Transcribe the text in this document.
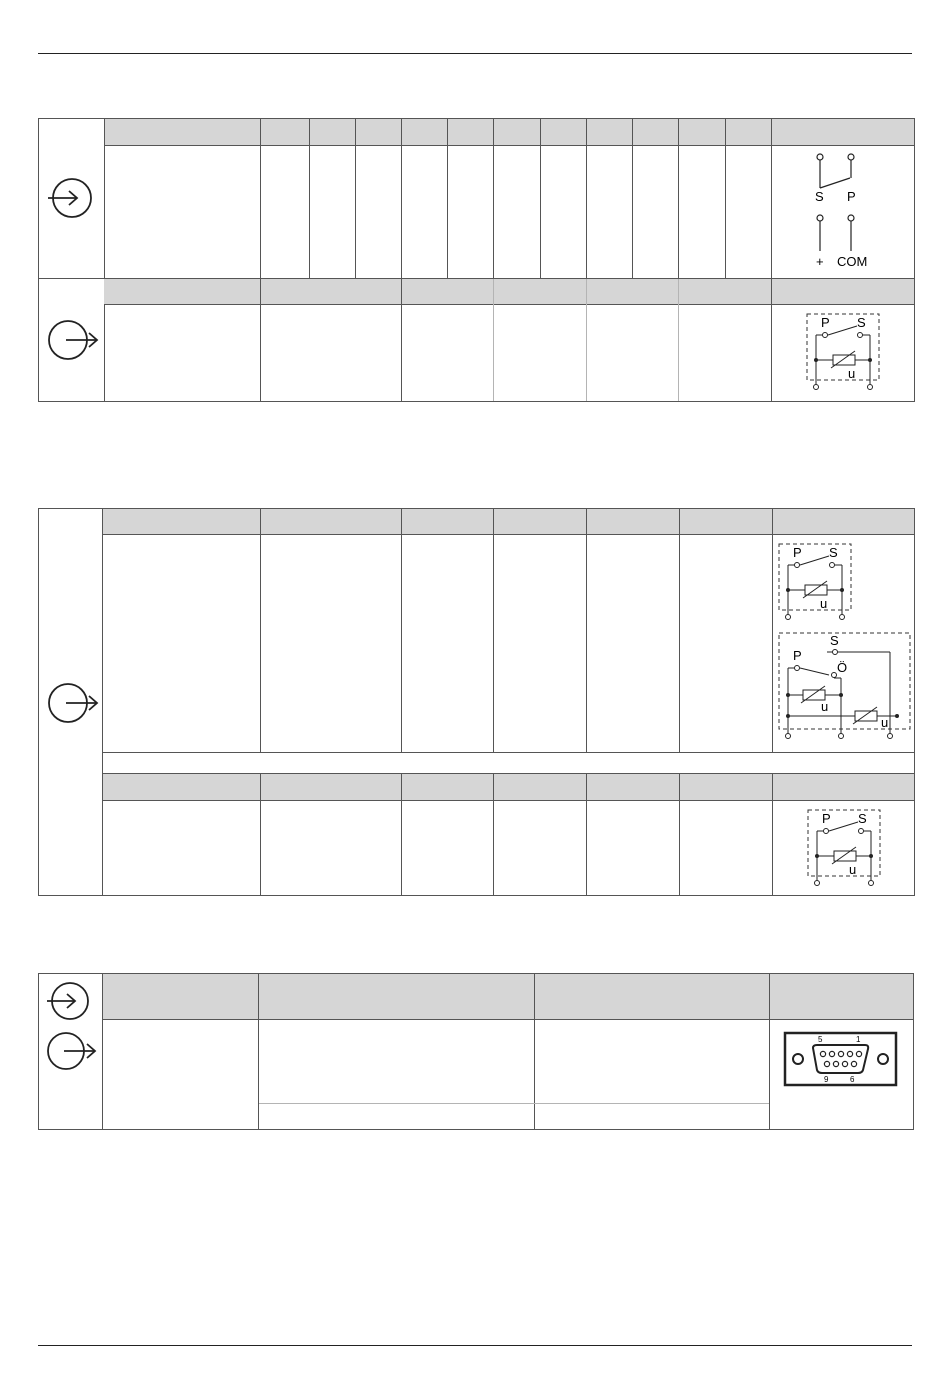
S P
+ COM
P S
u
P S
u
S
P
Ö
u
u
P S
u
5	1
9	6
